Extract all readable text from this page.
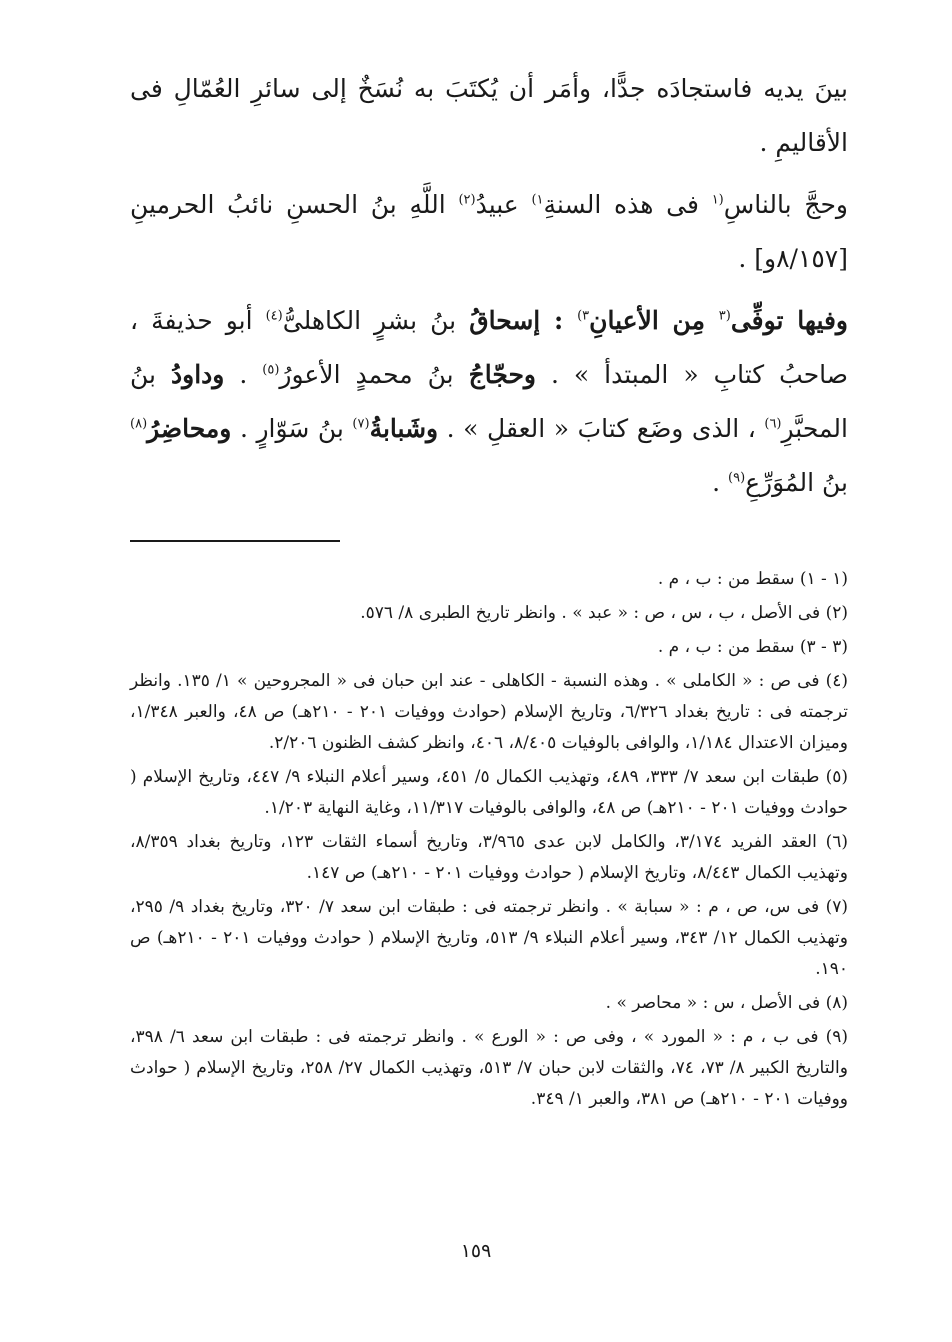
بينَ يديه فاستجادَه جدًّا، وأمَر أن يُكتَبَ به نُسَخٌ إلى سائرِ العُمّالِ فى الأقاليمِ .

وحجَّ بالناسِ$^{(١}$ فى هذه السنةِ$^{١)}$ عبيدُ$^{(٢)}$ اللَّهِ بنُ الحسنِ نائبُ الحرمينِ [٨/١٥٧و] .

وفيها توفِّى$^{(٣}$ مِن الأعيانِ$^{٣)}$ : إسحاقُ بنُ بشرٍ الكاهلىُّ$^{(٤)}$ أبو حذيفةَ ، صاحبُ كتابِ « المبتدأ » . وحجّاجُ بنُ محمدٍ الأعورُ$^{(٥)}$ . وداودُ بنُ المحبَّرِ$^{(٦)}$ ، الذى وضَع كتابَ « العقلِ » . وشَبابةُ$^{(٧)}$ بنُ سَوّارٍ . ومحاضِرُ$^{(٨)}$ بنُ المُوَرِّعِ$^{(٩)}$ .

(١ - ١) سقط من : ب ، م .

(٢) فى الأصل ، ب ، س ، ص : « عبد » . وانظر تاريخ الطبرى ٨/ ٥٧٦.

(٣ - ٣) سقط من : ب ، م .

(٤) فى ص : « الكاملى » . وهذه النسبة - الكاهلى - عند ابن حبان فى « المجروحين » ١/ ١٣٥. وانظر ترجمته فى : تاريخ بغداد ٦/٣٢٦، وتاريخ الإسلام (حوادث ووفيات ٢٠١ - ٢١٠هـ) ص ٤٨، والعبر ١/٣٤٨، وميزان الاعتدال ١/١٨٤، والوافى بالوفيات ٨/٤٠٥، ٤٠٦، وانظر كشف الظنون ٢/٢٠٦.

(٥) طبقات ابن سعد ٧/ ٣٣٣، ٤٨٩، وتهذيب الكمال ٥/ ٤٥١، وسير أعلام النبلاء ٩/ ٤٤٧، وتاريخ الإسلام ( حوادث ووفيات ٢٠١ - ٢١٠هـ) ص ٤٨، والوافى بالوفيات ١١/٣١٧، وغاية النهاية ١/٢٠٣.

(٦) العقد الفريد ٣/١٧٤، والكامل لابن عدى ٣/٩٦٥، وتاريخ أسماء الثقات ١٢٣، وتاريخ بغداد ٨/٣٥٩، وتهذيب الكمال ٨/٤٤٣، وتاريخ الإسلام ( حوادث ووفيات ٢٠١ - ٢١٠هـ) ص ١٤٧.

(٧) فى س، ص ، م : « سبابة » . وانظر ترجمته فى : طبقات ابن سعد ٧/ ٣٢٠، وتاريخ بغداد ٩/ ٢٩٥، وتهذيب الكمال ١٢/ ٣٤٣، وسير أعلام النبلاء ٩/ ٥١٣، وتاريخ الإسلام ( حوادث ووفيات ٢٠١ - ٢١٠هـ) ص ١٩٠.

(٨) فى الأصل ، س : « محاصر » .

(٩) فى ب ، م : « المورد » ، وفى ص : « الورع » . وانظر ترجمته فى : طبقات ابن سعد ٦/ ٣٩٨، والتاريخ الكبير ٨/ ٧٣، ٧٤، والثقات لابن حبان ٧/ ٥١٣، وتهذيب الكمال ٢٧/ ٢٥٨، وتاريخ الإسلام ( حوادث ووفيات ٢٠١ - ٢١٠هـ) ص ٣٨١، والعبر ١/ ٣٤٩.

١٥٩
